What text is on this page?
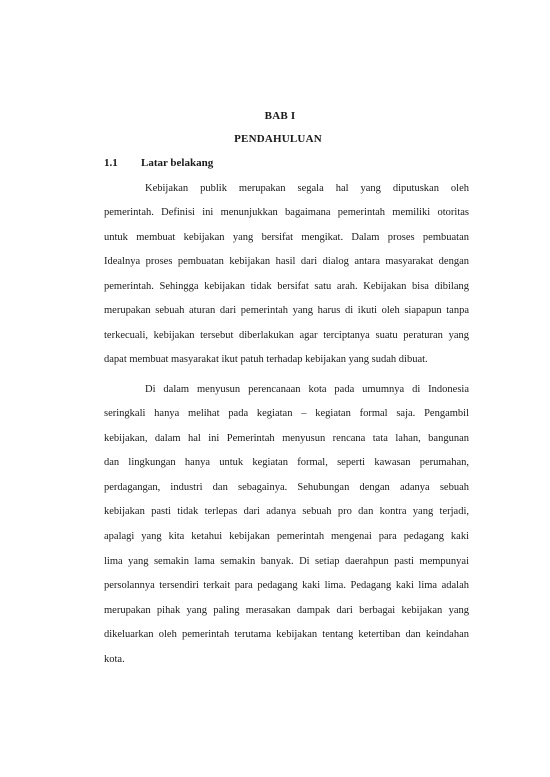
BAB I
PENDAHULUAN
1.1 Latar belakang
Kebijakan publik merupakan segala hal yang diputuskan oleh
pemerintah. Definisi ini menunjukkan bagaimana pemerintah memiliki otoritas
untuk membuat kebijakan yang bersifat mengikat. Dalam proses pembuatan
Idealnya proses pembuatan kebijakan hasil dari dialog antara masyarakat dengan
pemerintah. Sehingga kebijakan tidak bersifat satu arah. Kebijakan bisa dibilang
merupakan sebuah aturan dari pemerintah yang harus di ikuti oleh siapapun tanpa
terkecuali, kebijakan tersebut diberlakukan agar terciptanya suatu peraturan yang
dapat membuat masyarakat ikut patuh terhadap kebijakan yang sudah dibuat.
Di dalam menyusun perencanaan kota pada umumnya di Indonesia
seringkali hanya melihat pada kegiatan – kegiatan formal saja. Pengambil
kebijakan, dalam hal ini Pemerintah menyusun rencana tata lahan, bangunan
dan lingkungan hanya untuk kegiatan formal, seperti kawasan perumahan,
perdagangan, industri dan sebagainya. Sehubungan dengan adanya sebuah
kebijakan pasti tidak terlepas dari adanya sebuah pro dan kontra yang terjadi,
apalagi yang kita ketahui kebijakan pemerintah mengenai para pedagang kaki
lima yang semakin lama semakin banyak. Di setiap daerahpun pasti mempunyai
persolannya tersendiri terkait para pedagang kaki lima. Pedagang kaki lima adalah
merupakan pihak yang paling merasakan dampak dari berbagai kebijakan yang
dikeluarkan oleh pemerintah terutama kebijakan tentang ketertiban dan keindahan
kota.
